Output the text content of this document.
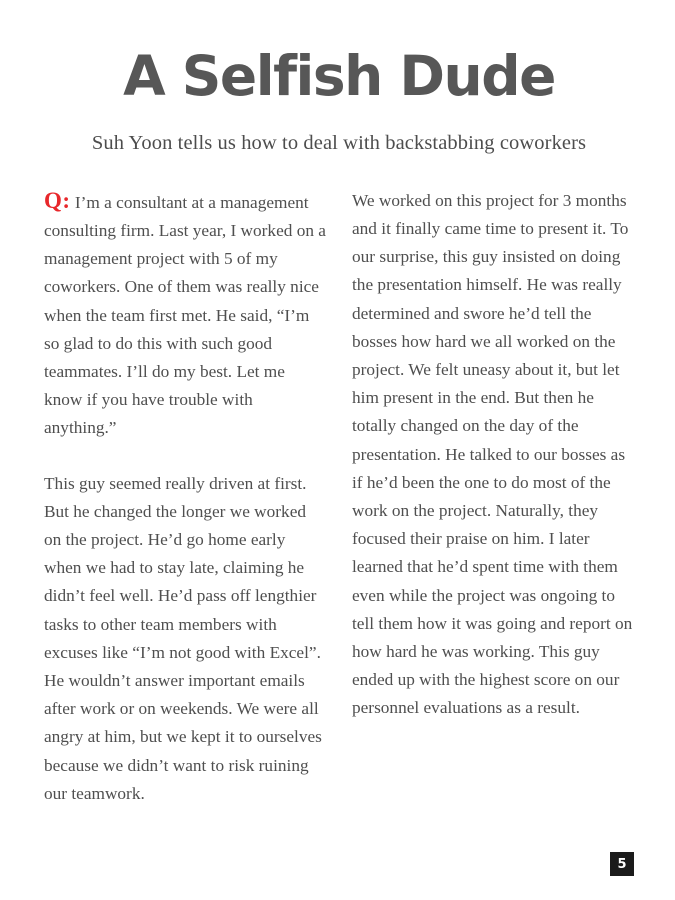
A Selfish Dude

Suh Yoon tells us how to deal with backstabbing coworkers

Q: I’m a consultant at a management consulting firm. Last year, I worked on a management project with 5 of my coworkers. One of them was really nice when the team first met. He said, “I’m so glad to do this with such good teammates. I’ll do my best. Let me know if you have trouble with anything.”

This guy seemed really driven at first. But he changed the longer we worked on the project. He’d go home early when we had to stay late, claiming he didn’t feel well. He’d pass off lengthier tasks to other team members with excuses like “I’m not good with Excel”. He wouldn’t answer important emails after work or on weekends. We were all angry at him, but we kept it to ourselves because we didn’t want to risk ruining our teamwork.

We worked on this project for 3 months and it finally came time to present it. To our surprise, this guy insisted on doing the presentation himself. He was really determined and swore he’d tell the bosses how hard we all worked on the project. We felt uneasy about it, but let him present in the end. But then he totally changed on the day of the presentation. He talked to our bosses as if he’d been the one to do most of the work on the project. Naturally, they focused their praise on him. I later learned that he’d spent time with them even while the project was ongoing to tell them how it was going and report on how hard he was working. This guy ended up with the highest score on our personnel evaluations as a result.

5
